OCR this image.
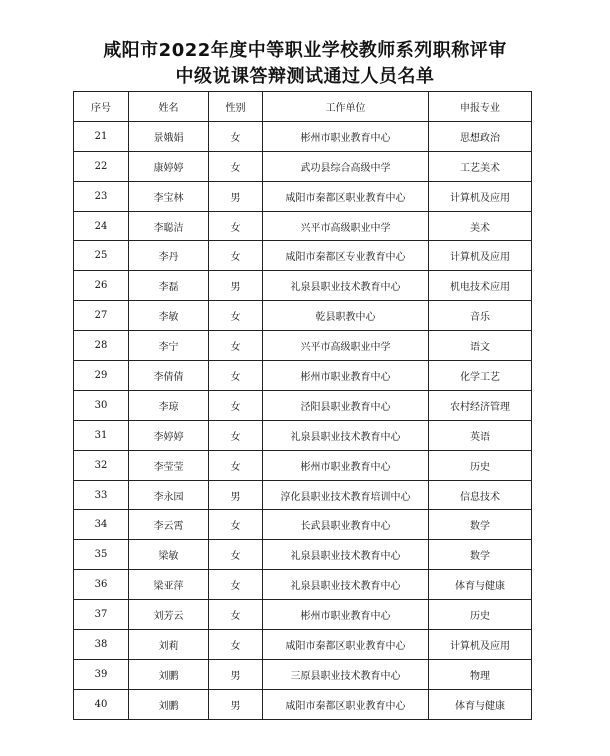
咸阳市2022年度中等职业学校教师系列职称评审
中级说课答辩测试通过人员名单
序号	姓名	性别	工作单位	申报专业
21	景娥娟	女	彬州市职业教育中心	思想政治
22	康婷婷	女	武功县综合高级中学	工艺美术
23	李宝林	男	咸阳市秦都区职业教育中心	计算机及应用
24	李聪洁	女	兴平市高级职业中学	美术
25	李丹	女	咸阳市秦都区专业教育中心	计算机及应用
26	李磊	男	礼泉县职业技术教育中心	机电技术应用
27	李敏	女	乾县职教中心	音乐
28	李宁	女	兴平市高级职业中学	语文
29	李倩倩	女	彬州市职业教育中心	化学工艺
30	李琼	女	泾阳县职业教育中心	农村经济管理
31	李婷婷	女	礼泉县职业技术教育中心	英语
32	李莹莹	女	彬州市职业教育中心	历史
33	李永园	男	淳化县职业技术教育培训中心	信息技术
34	李云霄	女	长武县职业教育中心	数学
35	梁敏	女	礼泉县职业技术教育中心	数学
36	梁亚萍	女	礼泉县职业技术教育中心	体育与健康
37	刘芳云	女	彬州市职业教育中心	历史
38	刘莉	女	咸阳市秦都区职业教育中心	计算机及应用
39	刘鹏	男	三原县职业技术教育中心	物理
40	刘鹏	男	咸阳市秦都区职业教育中心	体育与健康
